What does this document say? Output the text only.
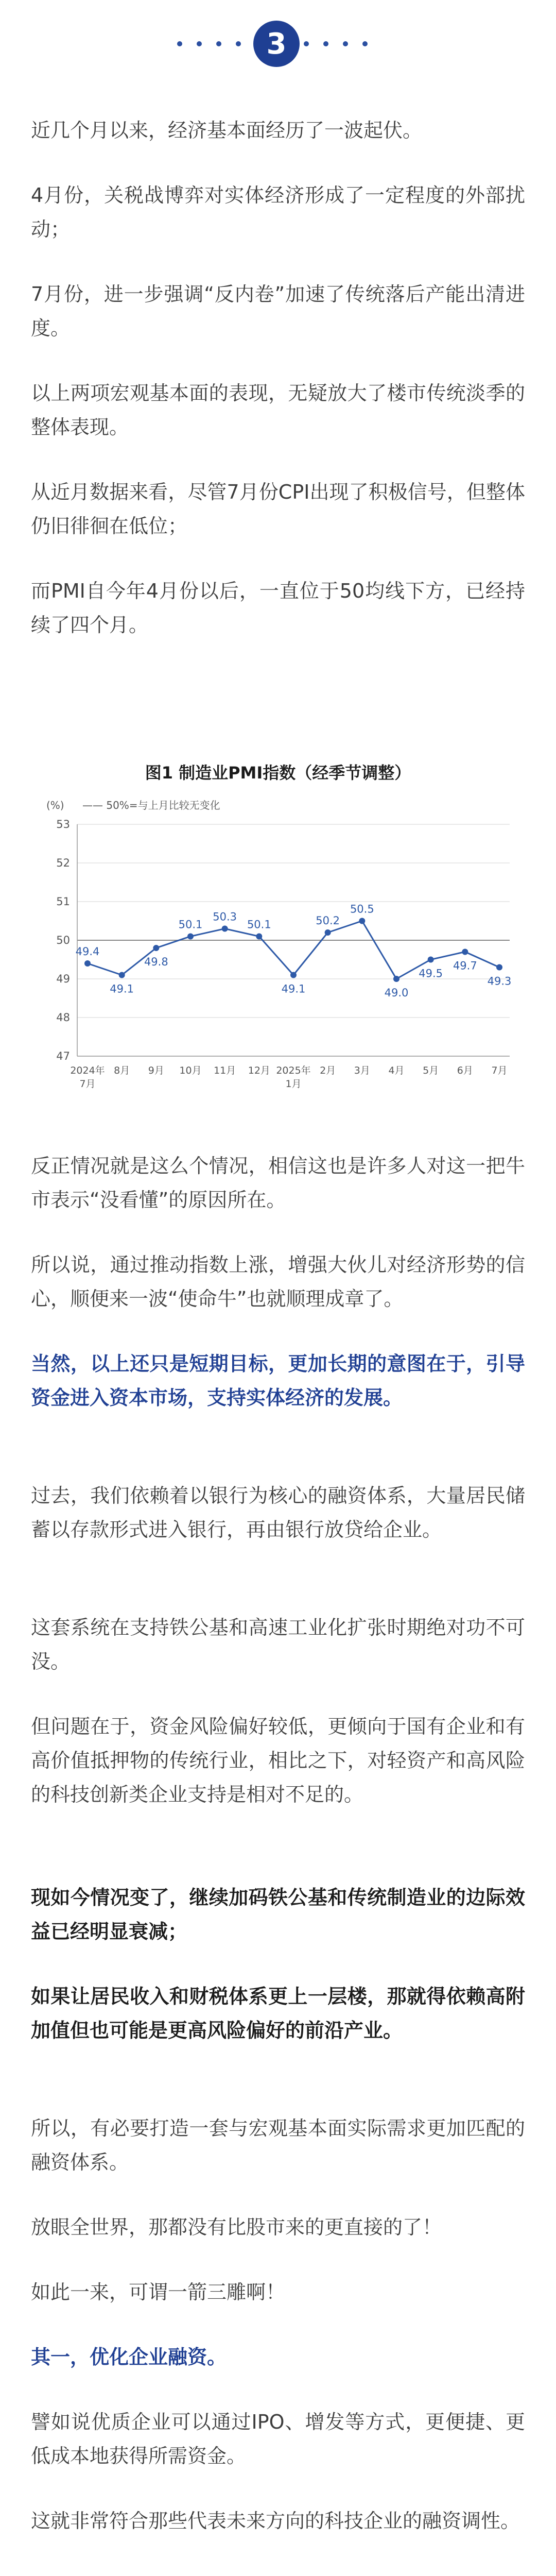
3

近几个月以来，经济基本面经历了一波起伏。

4月份，关税战博弈对实体经济形成了一定程度的外部扰动；

7月份，进一步强调“反内卷”加速了传统落后产能出清进度。

以上两项宏观基本面的表现，无疑放大了楼市传统淡季的整体表现。

从近月数据来看，尽管7月份CPI出现了积极信号，但整体仍旧徘徊在低位；

而PMI自今年4月份以后，一直位于50均线下方，已经持续了四个月。

图1 制造业PMI指数（经季节调整）

(%) —— 50%=与上月比较无变化
47
48
49
50
51
52
53
49.4
49.1
49.8
50.1
50.3
50.1
49.1
50.2
50.5
49.0
49.5
49.7
49.3
2024年
7月
8月 9月 10月 11月 12月 2025年
1月
2月 3月 4月 5月 6月 7月

反正情况就是这么个情况，相信这也是许多人对这一把牛市表示“没看懂”的原因所在。

所以说，通过推动指数上涨，增强大伙儿对经济形势的信心，顺便来一波“使命牛”也就顺理成章了。

当然，以上还只是短期目标，更加长期的意图在于，引导资金进入资本市场，支持实体经济的发展。

过去，我们依赖着以银行为核心的融资体系，大量居民储蓄以存款形式进入银行，再由银行放贷给企业。

这套系统在支持铁公基和高速工业化扩张时期绝对功不可没。

但问题在于，资金风险偏好较低，更倾向于国有企业和有高价值抵押物的传统行业，相比之下，对轻资产和高风险的科技创新类企业支持是相对不足的。

现如今情况变了，继续加码铁公基和传统制造业的边际效益已经明显衰减；

如果让居民收入和财税体系更上一层楼，那就得依赖高附加值但也可能是更高风险偏好的前沿产业。

所以，有必要打造一套与宏观基本面实际需求更加匹配的融资体系。

放眼全世界，那都没有比股市来的更直接的了！

如此一来，可谓一箭三雕啊！

其一，优化企业融资。

譬如说优质企业可以通过IPO、增发等方式，更便捷、更低成本地获得所需资金。

这就非常符合那些代表未来方向的科技企业的融资调性。
